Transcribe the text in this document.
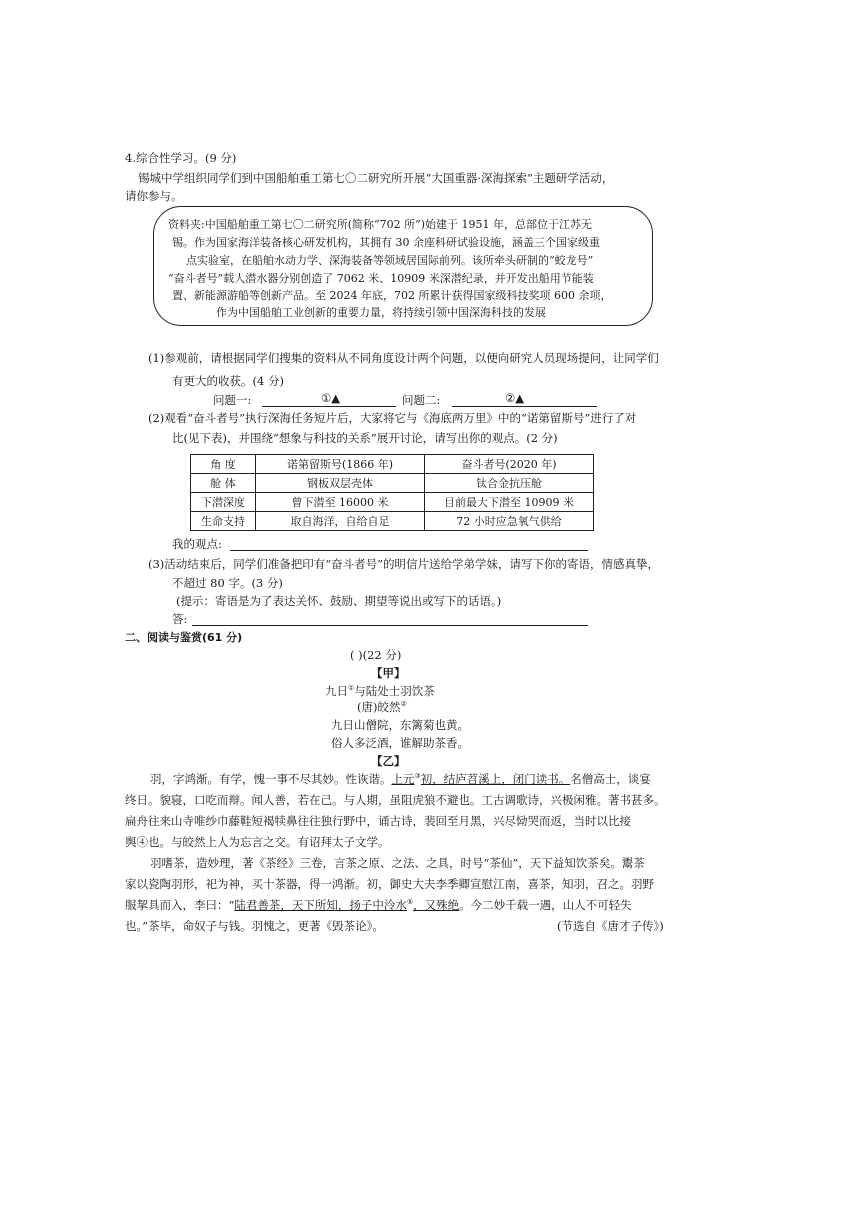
4.综合性学习。(9 分)
锡城中学组织同学们到中国船舶重工第七〇二研究所开展“大国重器·深海探索”主题研学活动，
请你参与。
资料夹:中国船舶重工第七〇二研究所(简称“702 所”)始建于 1951 年，总部位于江苏无
锡。作为国家海洋装备核心研发机构，其拥有 30 余座科研试验设施，涵盖三个国家级重
点实验室，在船舶水动力学、深海装备等领域居国际前列。该所牵头研制的“蛟龙号”
“奋斗者号”载人潜水器分别创造了 7062 米、10909 米深潜纪录，并开发出船用节能装
置、新能源游船等创新产品。至 2024 年底，702 所累计获得国家级科技奖项 600 余项，
作为中国船舶工业创新的重要力量，将持续引领中国深海科技的发展
(1)参观前，请根据同学们搜集的资料从不同角度设计两个问题，以便向研究人员现场提问，让同学们
有更大的收获。(4 分)
问题一:	①▲	问题二:	②▲
(2)观看“奋斗者号”执行深海任务短片后，大家将它与《海底两万里》中的“诺第留斯号”进行了对
比(见下表)，并围绕“想象与科技的关系”展开讨论，请写出你的观点。(2 分)
角 度	诺第留斯号(1866 年)	奋斗者号(2020 年)
舱 体	钢板双层壳体	钛合金抗压舱
下潜深度	曾下潜至 16000 米	目前最大下潜至 10909 米
生命支持	取自海洋，自给自足	72 小时应急氧气供给
我的观点:
(3)活动结束后，同学们准备把印有“奋斗者号”的明信片送给学弟学妹，请写下你的寄语，情感真挚，
不超过 80 字。(3 分)
(提示：寄语是为了表达关怀、鼓励、期望等说出或写下的话语。)
答:
二、阅读与鉴赏(61 分)
( )(22 分)
【甲】
九日①与陆处士羽饮茶
(唐)皎然②
九日山僧院，东篱菊也黄。
俗人多泛酒，谁解助茶香。
【乙】
羽，字鸿渐。有学，愧一事不尽其妙。性诙谐。上元③初，结庐苕溪上，闭门读书。名僧高士，谈宴
终日。貌寝，口吃而辩。闻人善，若在己。与人期，虽阻虎狼不避也。工古调歌诗，兴极闲雅。著书甚多。
扁舟往来山寺唯纱巾藤鞋短褐犊鼻往往独行野中，诵古诗，裴回至月黑，兴尽恸哭而返，当时以比接
舆④也。与皎然上人为忘言之交。有诏拜太子文学。
羽嗜茶，造妙理，著《茶经》三卷，言茶之原、之法、之具，时号“茶仙”，天下益知饮茶矣。鬻茶
家以瓷陶羽形，祀为神，买十茶器，得一鸿渐。初，御史大夫李季卿宣慰江南，喜茶，知羽，召之。羽野
服挈具而入，李曰：“陆君善茶，天下所知，扬子中泠水⑤，又殊绝。今二妙千载一遇，山人不可轻失
也。”茶毕，命奴子与钱。羽愧之，更著《毁茶论》。	(节选自《唐才子传》)
